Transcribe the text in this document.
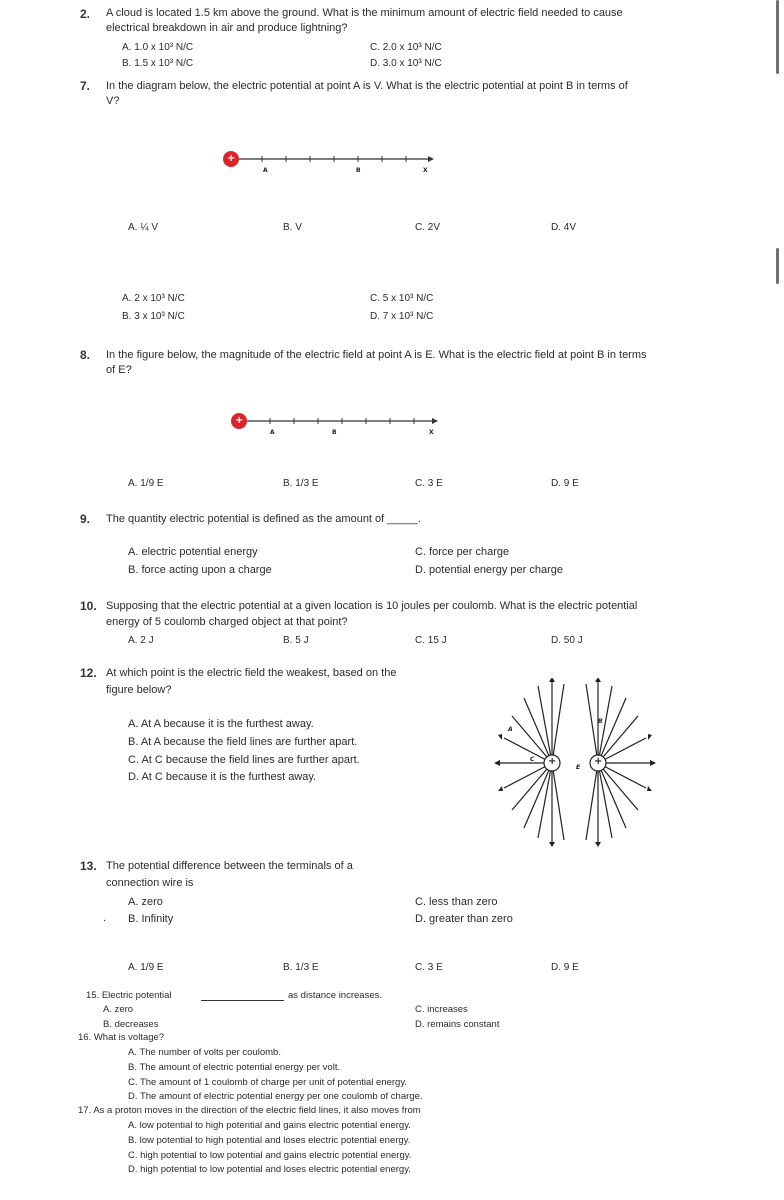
2. A cloud is located 1.5 km above the ground. What is the minimum amount of electric field needed to cause
electrical breakdown in air and produce lightning?
A. 1.0 x 10³ N/C
B. 1.5 x 10³ N/C
C. 2.0 x 10³ N/C
D. 3.0 x 10³ N/C
7. In the diagram below, the electric potential at point A is V. What is the electric potential at point B in terms of
V?
+
A	B	X
A. ¼ V	B. V	C. 2V	D. 4V
A. 2 x 10³ N/C
B. 3 x 10³ N/C
C. 5 x 10³ N/C
D. 7 x 10³ N/C
8. In the figure below, the magnitude of the electric field at point A is E. What is the electric field at point B in terms
of E?
+
A	B	X
A. 1/9 E	B. 1/3 E	C. 3 E	D. 9 E
9. The quantity electric potential is defined as the amount of _____.
A. electric potential energy
B. force acting upon a charge
C. force per charge
D. potential energy per charge
10. Supposing that the electric potential at a given location is 10 joules per coulomb. What is the electric potential
energy of 5 coulomb charged object at that point?
A. 2 J	B. 5 J	C. 15 J	D. 50 J
12. At which point is the electric field the weakest, based on the
figure below?
A. At A because it is the furthest away.
B. At A because the field lines are further apart.
C. At C because the field lines are further apart.
D. At C because it is the furthest away.
+	+
A
B
C
E
13. The potential difference between the terminals of a
connection wire is
A. zero
. B. Infinity
C. less than zero
D. greater than zero
A. 1/9 E	B. 1/3 E	C. 3 E	D. 9 E
15. Electric potential	as distance increases.
A. zero
B. decreases
C. increases
D. remains constant
16. What is voltage?
A. The number of volts per coulomb.
B. The amount of electric potential energy per volt.
C. The amount of 1 coulomb of charge per unit of potential energy.
D. The amount of electric potential energy per one coulomb of charge.
17. As a proton moves in the direction of the electric field lines, it also moves from
A. low potential to high potential and gains electric potential energy.
B. low potential to high potential and loses electric potential energy.
C. high potential to low potential and gains electric potential energy.
D. high potential to low potential and loses electric potential energy.
